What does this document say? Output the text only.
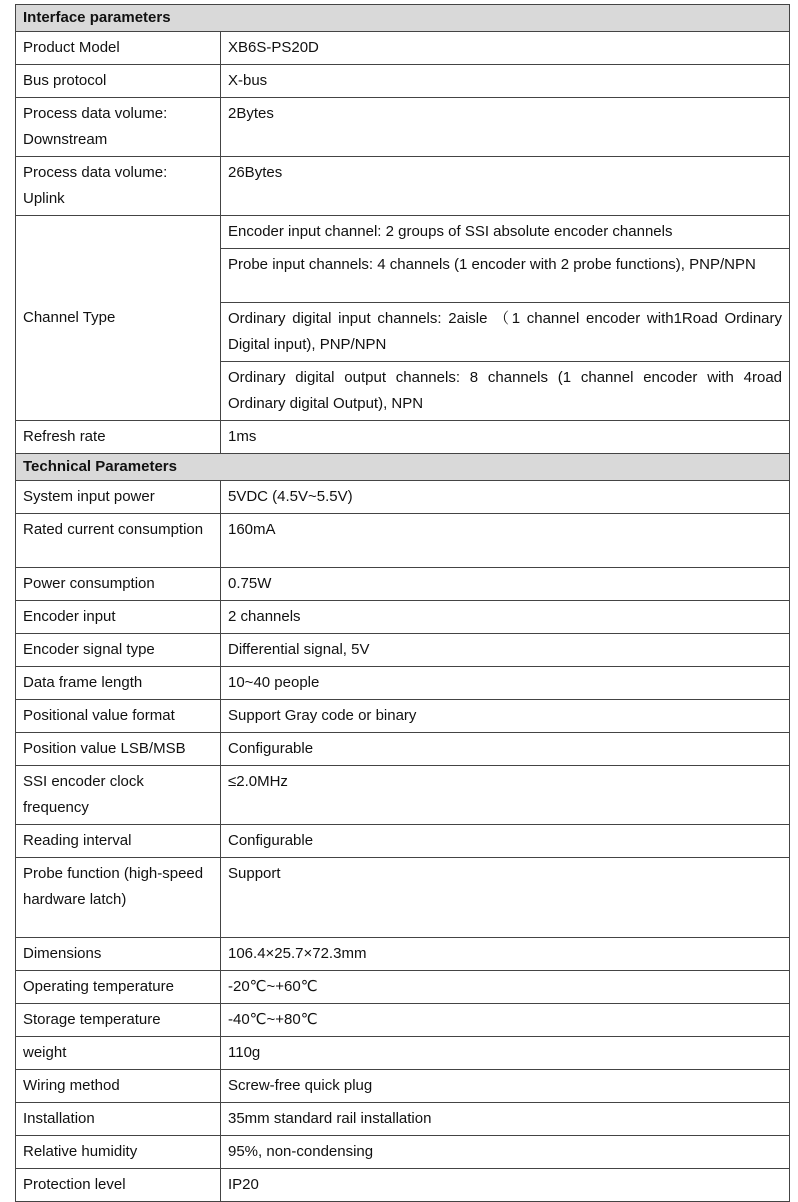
Interface parameters	
Product Model	XB6S-PS20D
Bus protocol	X-bus
Process data volume: Downstream	2Bytes
Process data volume: Uplink	26Bytes
Channel Type	Encoder input channel: 2 groups of SSI absolute encoder channels
	Probe input channels: 4 channels (1 encoder with 2 probe functions), PNP/NPN
	Ordinary digital input channels: 2aisle （1 channel encoder with1Road Ordinary Digital input), PNP/NPN
	Ordinary digital output channels: 8 channels (1 channel encoder with 4road Ordinary digital Output), NPN
Refresh rate	1ms
Technical Parameters	
System input power	5VDC (4.5V~5.5V)
Rated current consumption	160mA
Power consumption	0.75W
Encoder input	2 channels
Encoder signal type	Differential signal, 5V
Data frame length	10~40 people
Positional value format	Support Gray code or binary
Position value LSB/MSB	Configurable
SSI encoder clock frequency	≤2.0MHz
Reading interval	Configurable
Probe function (high-speed hardware latch)	Support
Dimensions	106.4×25.7×72.3mm
Operating temperature	-20℃~+60℃
Storage temperature	-40℃~+80℃
weight	110g
Wiring method	Screw-free quick plug
Installation	35mm standard rail installation
Relative humidity	95%, non-condensing
Protection level	IP20
